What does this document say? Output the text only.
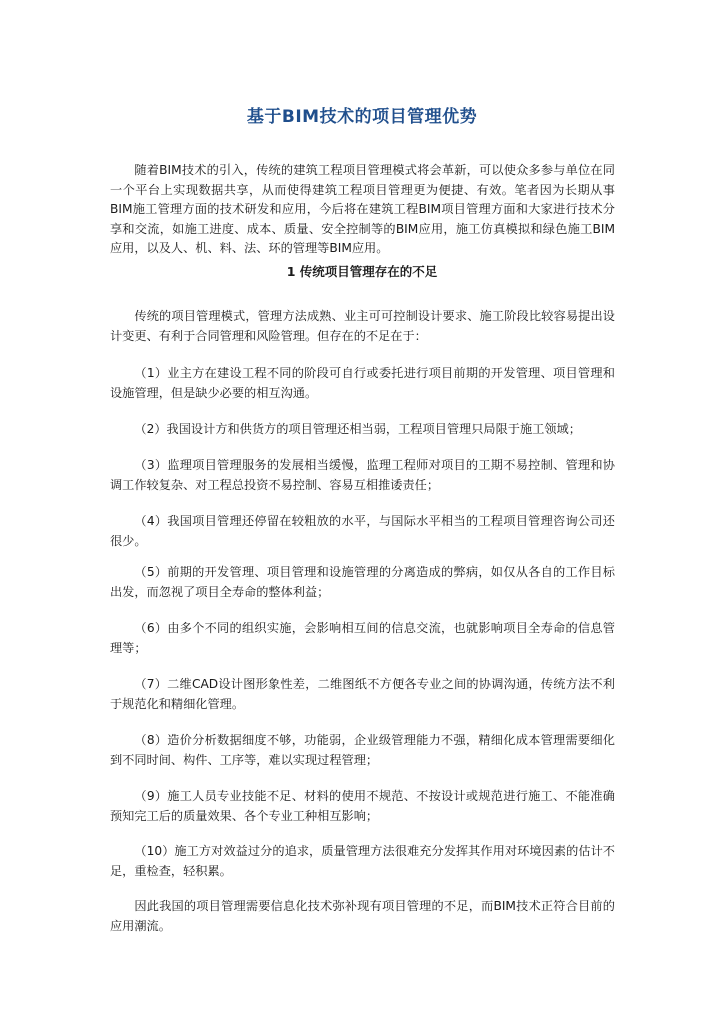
基于BIM技术的项目管理优势

随着BIM技术的引入，传统的建筑工程项目管理模式将会革新，可以使众多参与单位在同一个平台上实现数据共享，从而使得建筑工程项目管理更为便捷、有效。笔者因为长期从事BIM施工管理方面的技术研发和应用，今后将在建筑工程BIM项目管理方面和大家进行技术分享和交流，如施工进度、成本、质量、安全控制等的BIM应用，施工仿真模拟和绿色施工BIM应用，以及人、机、料、法、环的管理等BIM应用。

1 传统项目管理存在的不足

传统的项目管理模式，管理方法成熟、业主可可控制设计要求、施工阶段比较容易提出设计变更、有利于合同管理和风险管理。但存在的不足在于：

（1）业主方在建设工程不同的阶段可自行或委托进行项目前期的开发管理、项目管理和设施管理，但是缺少必要的相互沟通。

（2）我国设计方和供货方的项目管理还相当弱，工程项目管理只局限于施工领域；

（3）监理项目管理服务的发展相当缓慢，监理工程师对项目的工期不易控制、管理和协调工作较复杂、对工程总投资不易控制、容易互相推诿责任；

（4）我国项目管理还停留在较粗放的水平，与国际水平相当的工程项目管理咨询公司还很少。

（5）前期的开发管理、项目管理和设施管理的分离造成的弊病，如仅从各自的工作目标出发，而忽视了项目全寿命的整体利益；

（6）由多个不同的组织实施，会影响相互间的信息交流，也就影响项目全寿命的信息管理等；

（7）二维CAD设计图形象性差，二维图纸不方便各专业之间的协调沟通，传统方法不利于规范化和精细化管理。

（8）造价分析数据细度不够，功能弱，企业级管理能力不强，精细化成本管理需要细化到不同时间、构件、工序等，难以实现过程管理；

（9）施工人员专业技能不足、材料的使用不规范、不按设计或规范进行施工、不能准确预知完工后的质量效果、各个专业工种相互影响；

（10）施工方对效益过分的追求，质量管理方法很难充分发挥其作用对环境因素的估计不足，重检查，轻积累。

因此我国的项目管理需要信息化技术弥补现有项目管理的不足，而BIM技术正符合目前的应用潮流。
